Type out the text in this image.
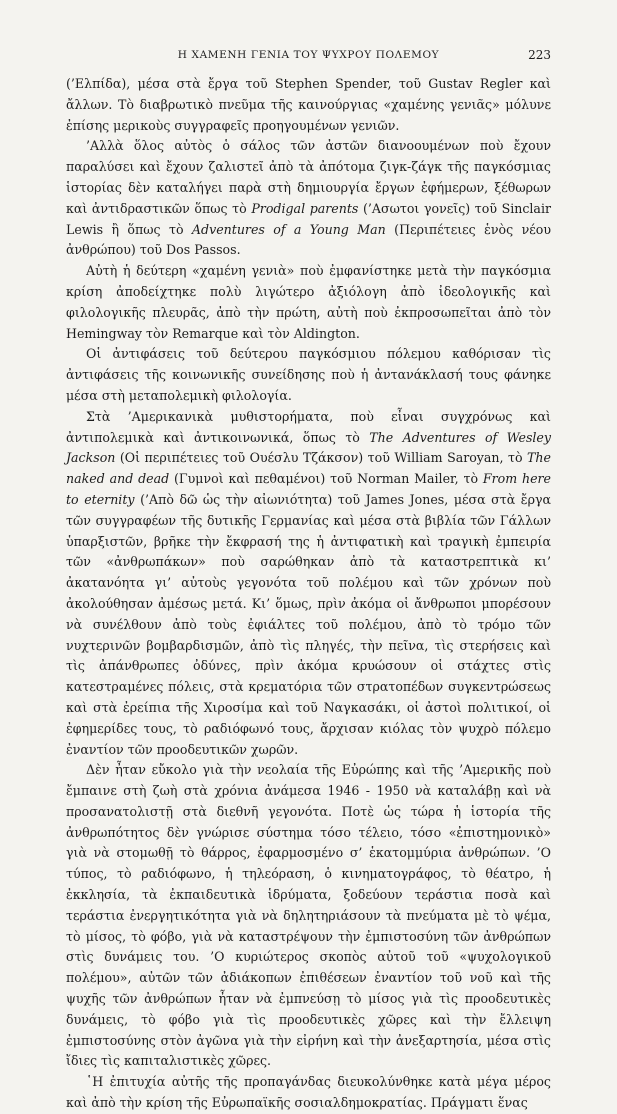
Η ΧΑΜΕΝΗ ΓΕΝΙΑ ΤΟΥ ΨΥΧΡΟΥ ΠΟΛΕΜΟΥ	223

(’Ελπίδα), μέσα στὰ ἔργα τοῦ Stephen Spender, τοῦ Gustav Regler καὶ ἄλλων. Τὸ διαβρωτικὸ πνεῦμα τῆς καινούργιας «χαμένης γενιᾶς» μόλυνε ἐπίσης μερικοὺς συγγραφεῖς προηγουμένων γενιῶν.

’Αλλὰ ὅλος αὐτὸς ὁ σάλος τῶν ἀστῶν διανοουμένων ποὺ ἔχουν παραλύσει καὶ ἔχουν ζαλιστεῖ ἀπὸ τὰ ἀπότομα ζιγκ-ζάγκ τῆς παγκόσμιας ἱστορίας δὲν καταλήγει παρὰ στὴ δημιουργία ἔργων ἐφήμερων, ξέθωρων καὶ ἀντιδραστικῶν ὅπως τὸ Prodigal parents (’Ασωτοι γονεῖς) τοῦ Sinclair Lewis ἢ ὅπως τὸ Adventures of a Young Man (Περιπέτειες ἑνὸς νέου ἀνθρώπου) τοῦ Dos Passos.

Αὐτὴ ἡ δεύτερη «χαμένη γενιὰ» ποὺ ἐμφανίστηκε μετὰ τὴν παγκόσμια κρίση ἀποδείχτηκε πολὺ λιγώτερο ἀξιόλογη ἀπὸ ἰδεολογικῆς καὶ φιλολογικῆς πλευρᾶς, ἀπὸ τὴν πρώτη, αὐτὴ ποὺ ἐκπροσωπεῖται ἀπὸ τὸν Hemingway τὸν Remarque καὶ τὸν Aldington.

Οἱ ἀντιφάσεις τοῦ δεύτερου παγκόσμιου πόλεμου καθόρισαν τὶς ἀντιφάσεις τῆς κοινωνικῆς συνείδησης ποὺ ἡ ἀντανάκλασή τους φάνηκε μέσα στὴ μεταπολεμικὴ φιλολογία.

Στὰ ’Αμερικανικὰ μυθιστορήματα, ποὺ εἶναι συγχρόνως καὶ ἀντιπολεμικὰ καὶ ἀντικοινωνικά, ὅπως τὸ The Adventures of Wesley Jackson (Οἱ περιπέτειες τοῦ Ουέσλυ Τζάκσον) τοῦ William Saroyan, τὸ The naked and dead (Γυμνοὶ καὶ πεθαμένοι) τοῦ Norman Mailer, τὸ From here to eternity (’Απὸ δῶ ὡς τὴν αἰωνιότητα) τοῦ James Jones, μέσα στὰ ἔργα τῶν συγγραφέων τῆς δυτικῆς Γερμανίας καὶ μέσα στὰ βιβλία τῶν Γάλλων ὑπαρξιστῶν, βρῆκε τὴν ἔκφρασή της ἡ ἀντιφατικὴ καὶ τραγικὴ ἐμπειρία τῶν «ἀνθρωπάκων» ποὺ σαρώθηκαν ἀπὸ τὰ καταστρεπτικὰ κι’ ἀκατανόητα γι’ αὐτοὺς γεγονότα τοῦ πολέμου καὶ τῶν χρόνων ποὺ ἀκολούθησαν ἀμέσως μετά. Κι’ ὅμως, πρὶν ἀκόμα οἱ ἄνθρωποι μπορέσουν νὰ συνέλθουν ἀπὸ τοὺς ἐφιάλτες τοῦ πολέμου, ἀπὸ τὸ τρόμο τῶν νυχτερινῶν βομβαρδισμῶν, ἀπὸ τὶς πληγές, τὴν πεῖνα, τὶς στερήσεις καὶ τὶς ἀπάνθρωπες ὀδύνες, πρὶν ἀκόμα κρυώσουν οἱ στάχτες στὶς κατεστραμένες πόλεις, στὰ κρεματόρια τῶν στρατοπέδων συγκεντρώσεως καὶ στὰ ἐρείπια τῆς Χιροσίμα καὶ τοῦ Ναγκασάκι, οἱ ἀστοὶ πολιτικοί, οἱ ἐφημερίδες τους, τὸ ραδιόφωνό τους, ἄρχισαν κιόλας τὸν ψυχρὸ πόλεμο ἐναντίον τῶν προοδευτικῶν χωρῶν.

Δὲν ἦταν εὔκολο γιὰ τὴν νεολαία τῆς Εὐρώπης καὶ τῆς ’Αμερικῆς ποὺ ἔμπαινε στὴ ζωὴ στὰ χρόνια ἀνάμεσα 1946 - 1950 νὰ καταλάβῃ καὶ νὰ προσανατολιστῇ στὰ διεθνῆ γεγονότα. Ποτὲ ὡς τώρα ἡ ἱστορία τῆς ἀνθρωπότητος δὲν γνώρισε σύστημα τόσο τέλειο, τόσο «ἐπιστημονικὸ» γιὰ νὰ στομωθῇ τὸ θάρρος, ἐφαρμοσμένο σ’ ἑκατομμύρια ἀνθρώπων. ’Ο τύπος, τὸ ραδιόφωνο, ἡ τηλεόραση, ὁ κινηματογράφος, τὸ θέατρο, ἡ ἐκκλησία, τὰ ἐκπαιδευτικὰ ἱδρύματα, ξοδεύουν τεράστια ποσὰ καὶ τεράστια ἐνεργητικότητα γιὰ νὰ δηλητηριάσουν τὰ πνεύματα μὲ τὸ ψέμα, τὸ μίσος, τὸ φόβο, γιὰ νὰ καταστρέψουν τὴν ἐμπιστοσύνη τῶν ἀνθρώπων στὶς δυνάμεις του. ’Ο κυριώτερος σκοπὸς αὐτοῦ τοῦ «ψυχολογικοῦ πολέμου», αὐτῶν τῶν ἀδιάκοπων ἐπιθέσεων ἐναντίον τοῦ νοῦ καὶ τῆς ψυχῆς τῶν ἀνθρώπων ἦταν νὰ ἐμπνεύσῃ τὸ μίσος γιὰ τὶς προοδευτικὲς δυνάμεις, τὸ φόβο γιὰ τὶς προοδευτικὲς χῶρες καὶ τὴν ἔλλειψη ἐμπιστοσύνης στὸν ἀγῶνα γιὰ τὴν εἰρήνη καὶ τὴν ἀνεξαρτησία, μέσα στὶς ἴδιες τὶς καπιταλιστικὲς χῶρες.

῾Η ἐπιτυχία αὐτῆς τῆς προπαγάνδας διευκολύνθηκε κατὰ μέγα μέρος καὶ ἀπὸ τὴν κρίση τῆς Εὐρωπαϊκῆς σοσιαλδημοκρατίας. Πράγματι ἕνας
